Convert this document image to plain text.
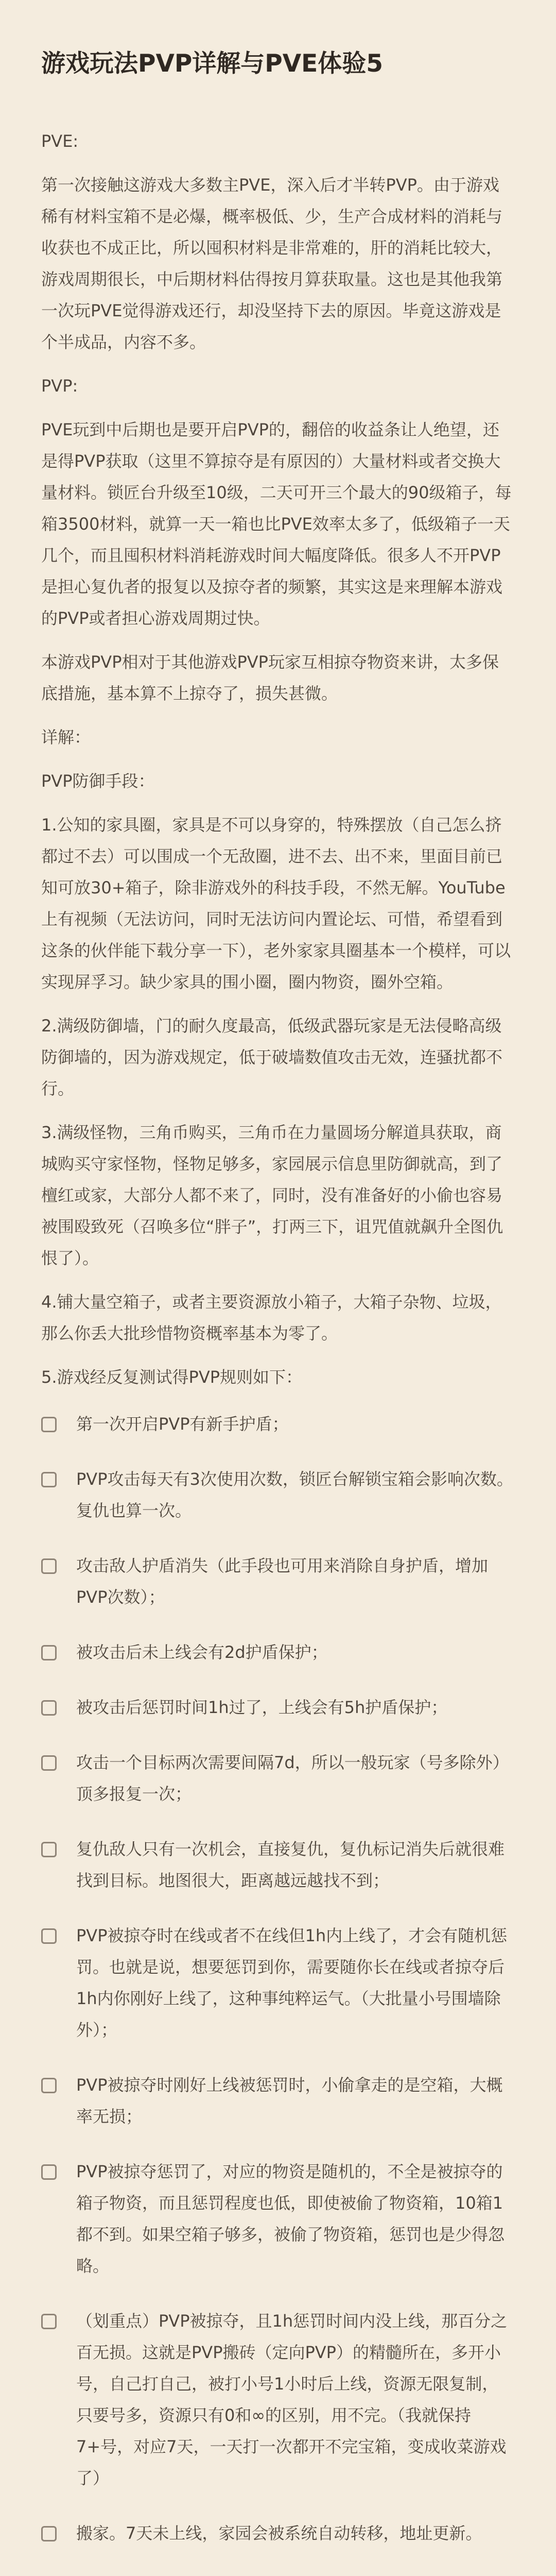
游戏玩法PVP详解与PVE体验5
PVE:
第一次接触这游戏大多数主PVE，深入后才半转PVP。由于游戏稀有材料宝箱不是必爆，概率极低、少，生产合成材料的消耗与收获也不成正比，所以囤积材料是非常难的，肝的消耗比较大，游戏周期很长，中后期材料估得按月算获取量。这也是其他我第一次玩PVE觉得游戏还行，却没坚持下去的原因。毕竟这游戏是个半成品，内容不多。
PVP:
PVE玩到中后期也是要开启PVP的，翻倍的收益条让人绝望，还是得PVP获取（这里不算掠夺是有原因的）大量材料或者交换大量材料。锁匠台升级至10级，二天可开三个最大的90级箱子，每箱3500材料，就算一天一箱也比PVE效率太多了，低级箱子一天几个，而且囤积材料消耗游戏时间大幅度降低。很多人不开PVP是担心复仇者的报复以及掠夺者的频繁，其实这是来理解本游戏的PVP或者担心游戏周期过快。
本游戏PVP相对于其他游戏PVP玩家互相掠夺物资来讲，太多保底措施，基本算不上掠夺了，损失甚微。
详解：
PVP防御手段：
1.公知的家具圈，家具是不可以身穿的，特殊摆放（自己怎么挤都过不去）可以围成一个无敌圈，进不去、出不来，里面目前已知可放30+箱子，除非游戏外的科技手段，不然无解。YouTube上有视频（无法访问，同时无法访问内置论坛、可惜，希望看到这条的伙伴能下载分享一下），老外家家具圈基本一个模样，可以实现屏孚习。缺少家具的围小圈，圈内物资，圈外空箱。
2.满级防御墙，门的耐久度最高，低级武器玩家是无法侵略高级防御墙的，因为游戏规定，低于破墙数值攻击无效，连骚扰都不行。
3.满级怪物，三角币购买，三角币在力量圆场分解道具获取，商城购买守家怪物，怪物足够多，家园展示信息里防御就高，到了檀红或家，大部分人都不来了，同时，没有准备好的小偷也容易被围殴致死（召唤多位“胖子”，打两三下，诅咒值就飙升全图仇恨了）。
4.铺大量空箱子，或者主要资源放小箱子，大箱子杂物、垃圾，那么你丢大批珍惜物资概率基本为零了。
5.游戏经反复测试得PVP规则如下：
第一次开启PVP有新手护盾；
PVP攻击每天有3次使用次数，锁匠台解锁宝箱会影响次数。复仇也算一次。
攻击敌人护盾消失（此手段也可用来消除自身护盾，增加PVP次数）；
被攻击后未上线会有2d护盾保护；
被攻击后惩罚时间1h过了，上线会有5h护盾保护；
攻击一个目标两次需要间隔7d，所以一般玩家（号多除外）顶多报复一次；
复仇敌人只有一次机会，直接复仇，复仇标记消失后就很难找到目标。地图很大，距离越远越找不到；
PVP被掠夺时在线或者不在线但1h内上线了，才会有随机惩罚。也就是说，想要惩罚到你，需要随你长在线或者掠夺后1h内你刚好上线了，这种事纯粹运气。（大批量小号围墙除外）；
PVP被掠夺时刚好上线被惩罚时，小偷拿走的是空箱，大概率无损；
PVP被掠夺惩罚了，对应的物资是随机的，不全是被掠夺的箱子物资，而且惩罚程度也低，即使被偷了物资箱，10箱1都不到。如果空箱子够多，被偷了物资箱，惩罚也是少得忽略。
（划重点）PVP被掠夺，且1h惩罚时间内没上线，那百分之百无损。这就是PVP搬砖（定向PVP）的精髓所在，多开小号，自己打自己，被打小号1小时后上线，资源无限复制，只要号多，资源只有0和∞的区别，用不完。（我就保持7+号，对应7天，一天打一次都开不完宝箱，变成收菜游戏了）
搬家。7天未上线，家园会被系统自动转移，地址更新。
